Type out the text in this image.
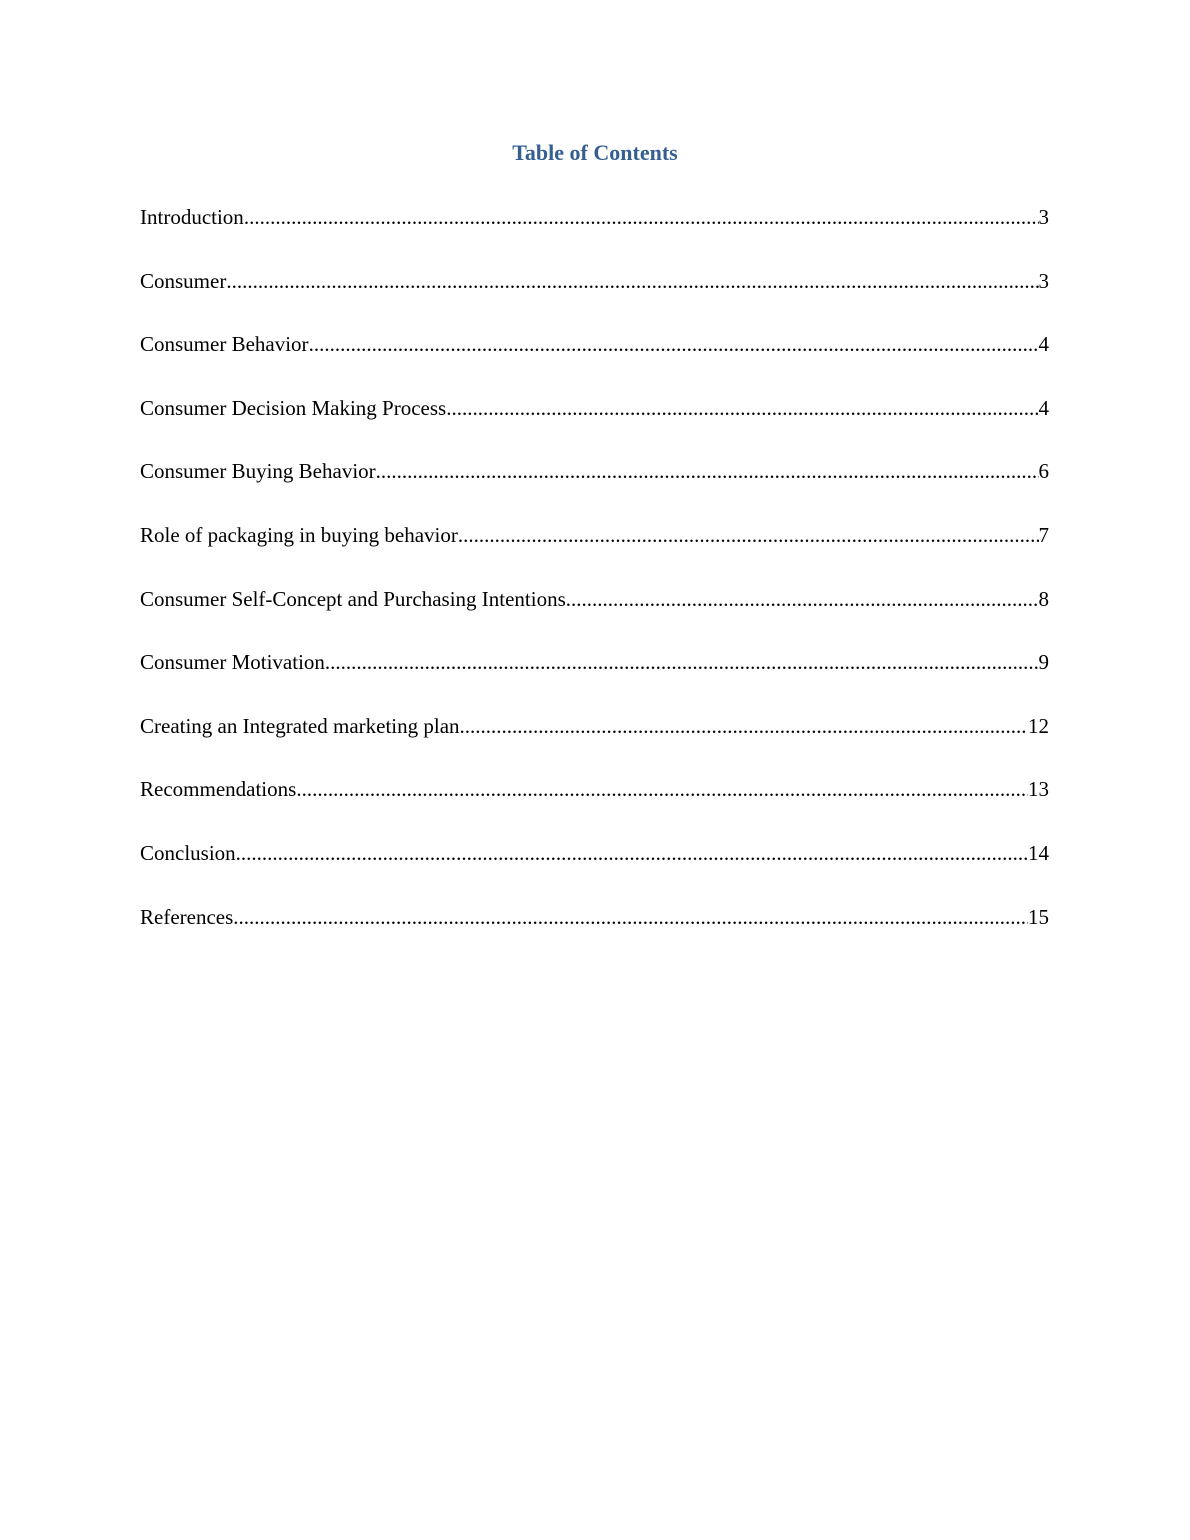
Table of Contents
Introduction .....	3
Consumer .....	3
Consumer Behavior .....	4
Consumer Decision Making Process .....	4
Consumer Buying Behavior .....	6
Role of packaging in buying behavior .....	7
Consumer Self-Concept and Purchasing Intentions .....	8
Consumer Motivation .....	9
Creating an Integrated marketing plan .....	12
Recommendations .....	13
Conclusion .....	14
References .....	15
